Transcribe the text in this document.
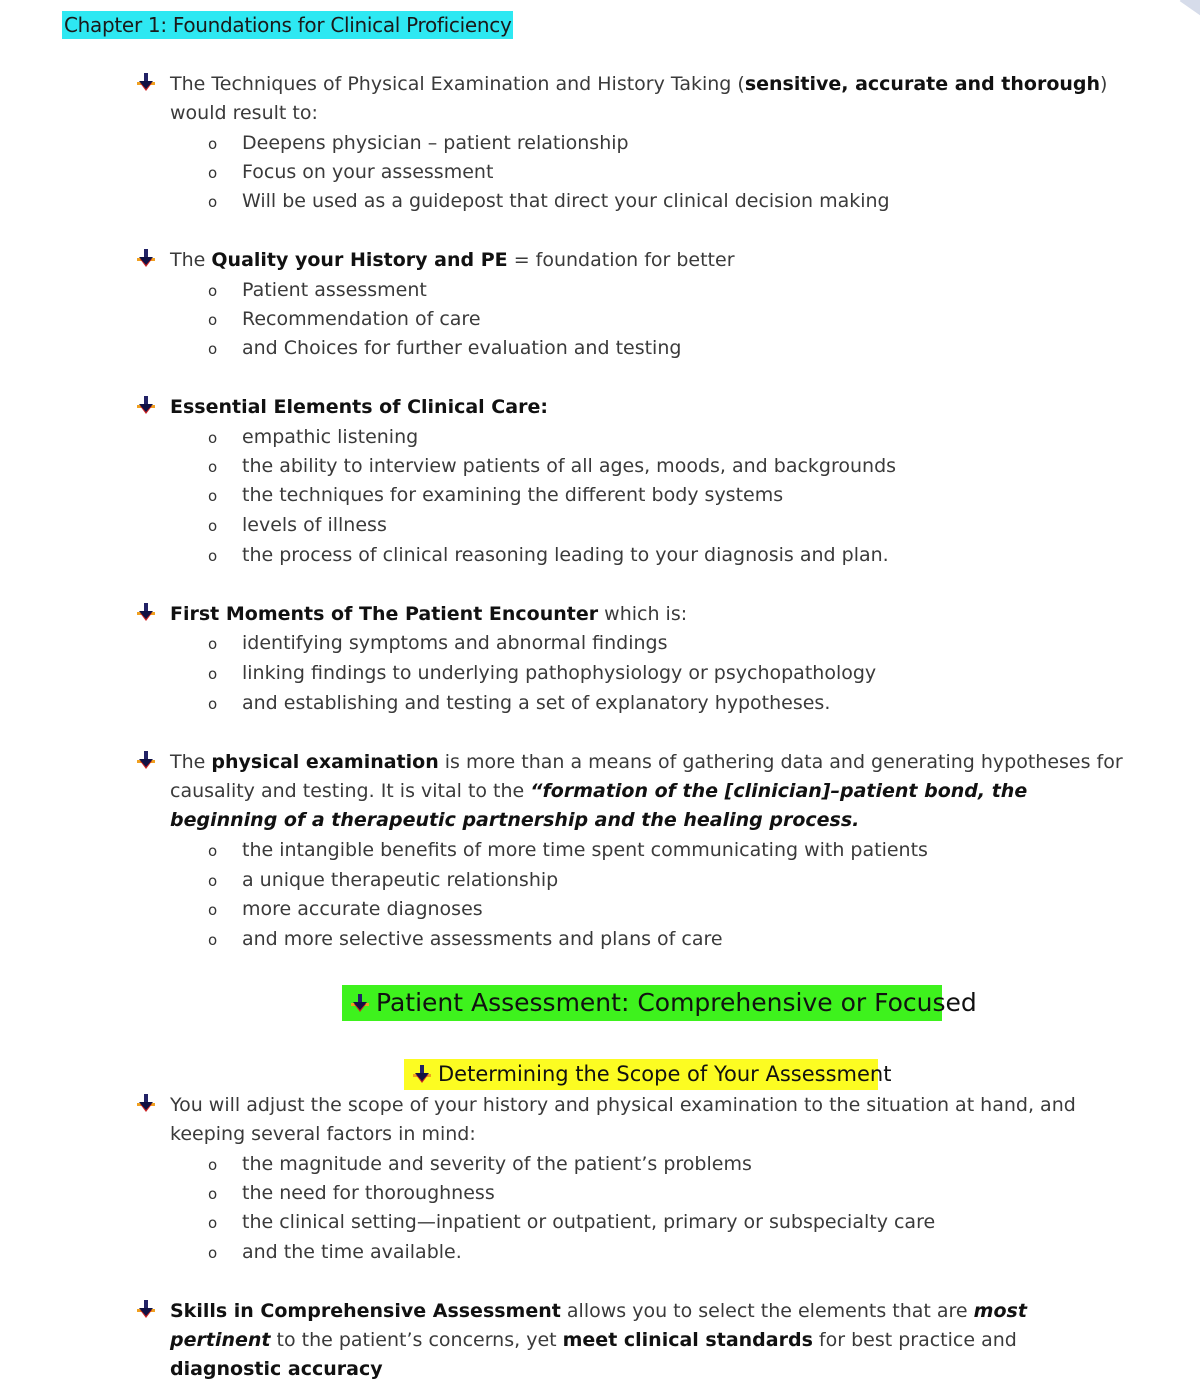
Chapter 1: Foundations for Clinical Proficiency
The Techniques of Physical Examination and History Taking (sensitive, accurate and thorough) would result to:
o Deepens physician – patient relationship
o Focus on your assessment
o Will be used as a guidepost that direct your clinical decision making
The Quality your History and PE = foundation for better
o Patient assessment
o Recommendation of care
o and Choices for further evaluation and testing
Essential Elements of Clinical Care:
o empathic listening
o the ability to interview patients of all ages, moods, and backgrounds
o the techniques for examining the different body systems
o levels of illness
o the process of clinical reasoning leading to your diagnosis and plan.
First Moments of The Patient Encounter which is:
o identifying symptoms and abnormal findings
o linking findings to underlying pathophysiology or psychopathology
o and establishing and testing a set of explanatory hypotheses.
The physical examination is more than a means of gathering data and generating hypotheses for causality and testing. It is vital to the “formation of the [clinician]–patient bond, the beginning of a therapeutic partnership and the healing process.
o the intangible benefits of more time spent communicating with patients
o a unique therapeutic relationship
o more accurate diagnoses
o and more selective assessments and plans of care
Patient Assessment: Comprehensive or Focused
Determining the Scope of Your Assessment
You will adjust the scope of your history and physical examination to the situation at hand, and keeping several factors in mind:
o the magnitude and severity of the patient’s problems
o the need for thoroughness
o the clinical setting—inpatient or outpatient, primary or subspecialty care
o and the time available.
Skills in Comprehensive Assessment allows you to select the elements that are most pertinent to the patient’s concerns, yet meet clinical standards for best practice and diagnostic accuracy
